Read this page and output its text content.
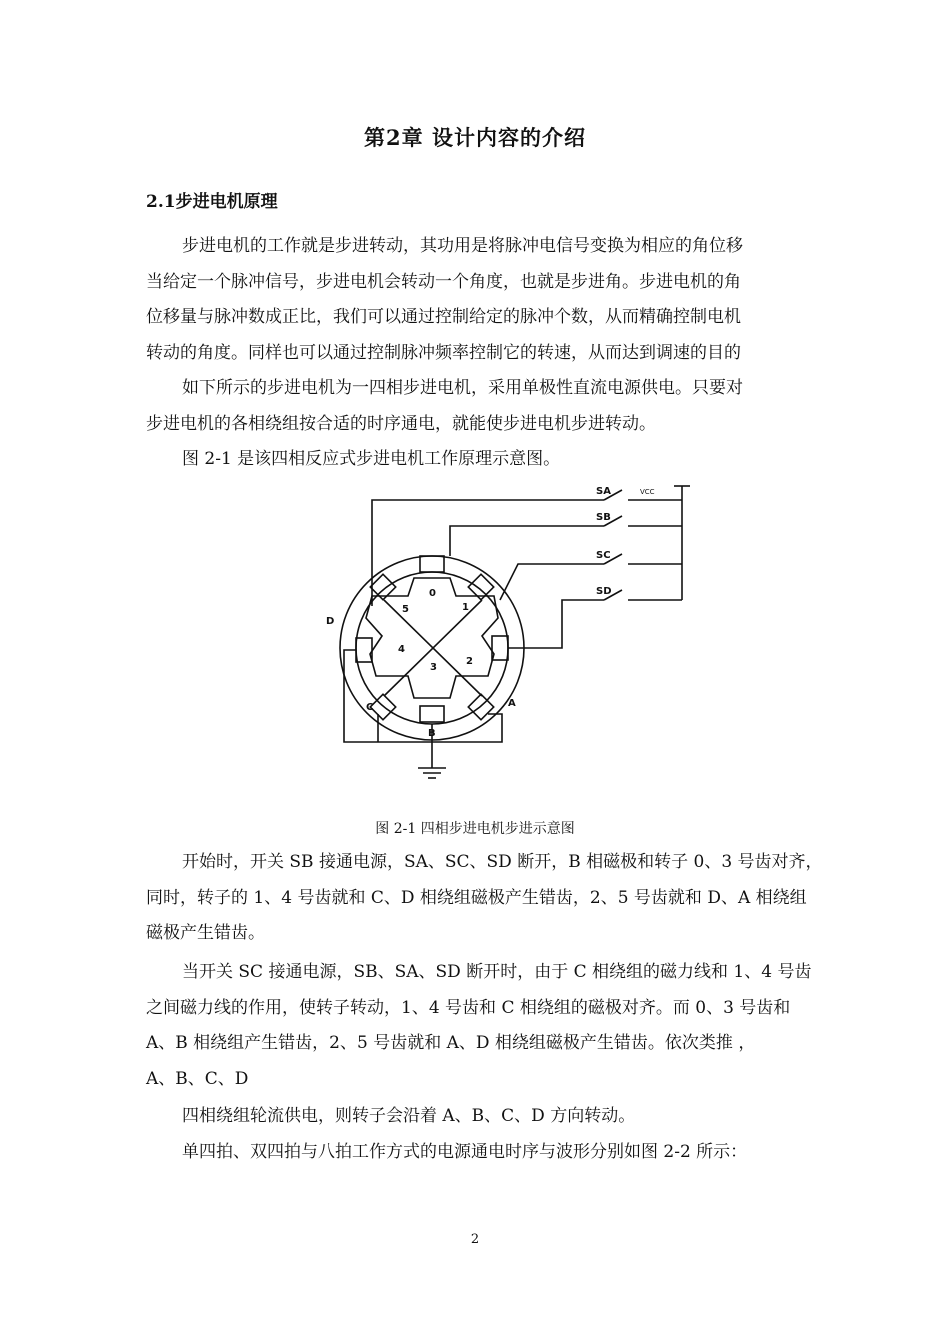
第2章 设计内容的介绍
2.1步进电机原理

步进电机的工作就是步进转动，其功用是将脉冲电信号变换为相应的角位移
当给定一个脉冲信号，步进电机会转动一个角度，也就是步进角。步进电机的角
位移量与脉冲数成正比，我们可以通过控制给定的脉冲个数，从而精确控制电机
转动的角度。同样也可以通过控制脉冲频率控制它的转速，从而达到调速的目的

如下所示的步进电机为一四相步进电机，采用单极性直流电源供电。只要对
步进电机的各相绕组按合适的时序通电，就能使步进电机步进转动。

图 2-1 是该四相反应式步进电机工作原理示意图。

SA
SB
SC
SD
VCC
0
1
2
3
4
5
A
B
C
D
图 2-1 四相步进电机步进示意图

开始时，开关 SB 接通电源，SA、SC、SD 断开，B 相磁极和转子 0、3 号齿对齐，
同时，转子的 1、4 号齿就和 C、D 相绕组磁极产生错齿，2、5 号齿就和 D、A 相绕组
磁极产生错齿。

当开关 SC 接通电源，SB、SA、SD 断开时，由于 C 相绕组的磁力线和 1、4 号齿
之间磁力线的作用，使转子转动，1、4 号齿和 C 相绕组的磁极对齐。而 0、3 号齿和
A、B 相绕组产生错齿，2、5 号齿就和 A、D 相绕组磁极产生错齿。依次类推 ，
A、B、C、D

四相绕组轮流供电，则转子会沿着 A、B、C、D 方向转动。

单四拍、双四拍与八拍工作方式的电源通电时序与波形分别如图 2-2 所示：

2
